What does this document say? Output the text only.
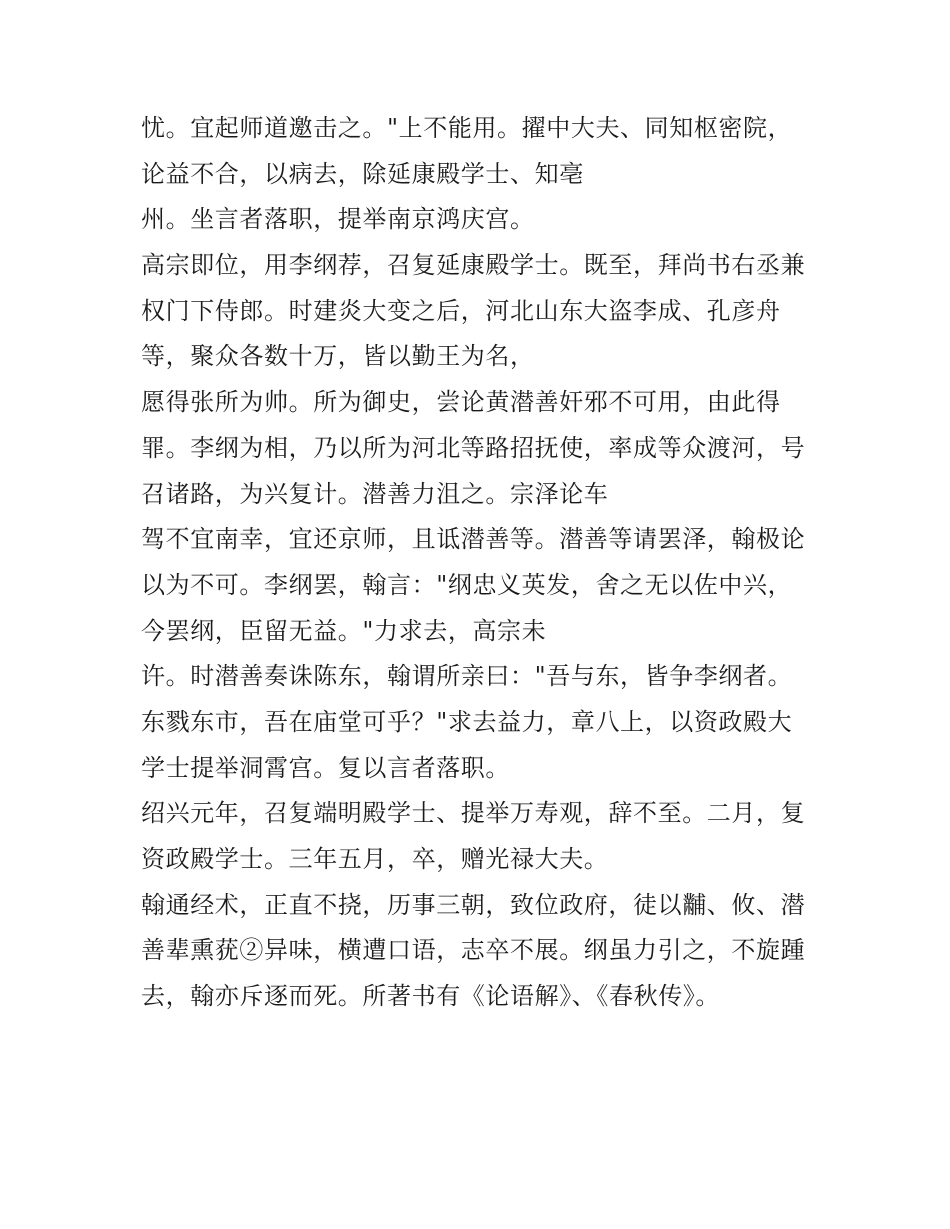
忧。宜起师道邀击之。"上不能用。擢中大夫、同知枢密院，
论益不合，以病去，除延康殿学士、知亳
州。坐言者落职，提举南京鸿庆宫。
高宗即位，用李纲荐，召复延康殿学士。既至，拜尚书右丞兼
权门下侍郎。时建炎大变之后，河北山东大盗李成、孔彦舟
等，聚众各数十万，皆以勤王为名，
愿得张所为帅。所为御史，尝论黄潜善奸邪不可用，由此得
罪。李纲为相，乃以所为河北等路招抚使，率成等众渡河，号
召诸路，为兴复计。潜善力沮之。宗泽论车
驾不宜南幸，宜还京师，且诋潜善等。潜善等请罢泽，翰极论
以为不可。李纲罢，翰言："纲忠义英发，舍之无以佐中兴，
今罢纲，臣留无益。"力求去，高宗未
许。时潜善奏诛陈东，翰谓所亲曰："吾与东，皆争李纲者。
东戮东市，吾在庙堂可乎？"求去益力，章八上，以资政殿大
学士提举洞霄宫。复以言者落职。
绍兴元年，召复端明殿学士、提举万寿观，辞不至。二月，复
资政殿学士。三年五月，卒，赠光禄大夫。
翰通经术，正直不挠，历事三朝，致位政府，徒以黼、攸、潜
善辈熏莸②异味，横遭口语，志卒不展。纲虽力引之，不旋踵
去，翰亦斥逐而死。所著书有《论语解》、《春秋传》。
